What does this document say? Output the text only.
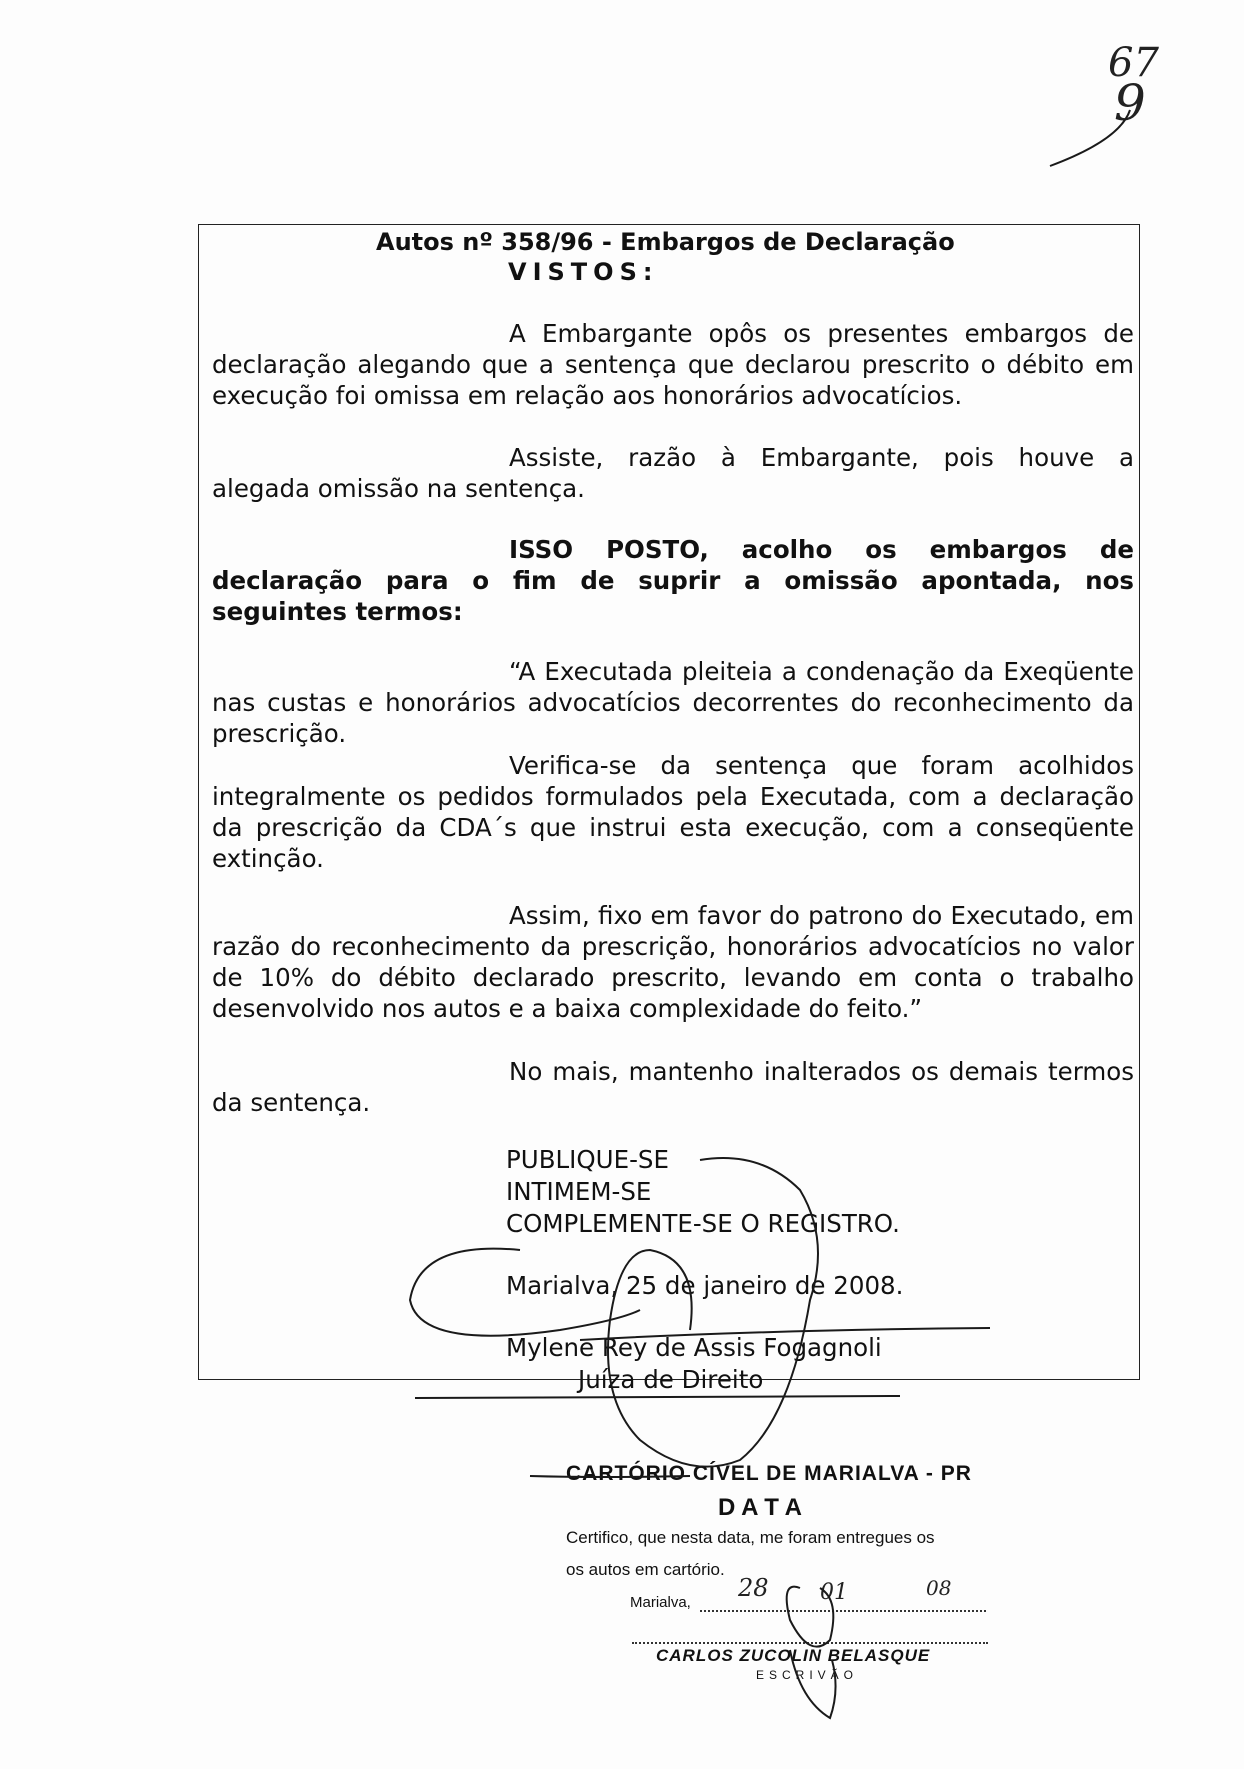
67
9
Autos nº 358/96 - Embargos de Declaração
VISTOS:

A Embargante opôs os presentes embargos de declaração alegando que a sentença que declarou prescrito o débito em execução foi omissa em relação aos honorários advocatícios.

Assiste, razão à Embargante, pois houve a alegada omissão na sentença.

ISSO POSTO, acolho os embargos de declaração para o fim de suprir a omissão apontada, nos seguintes termos:

“A Executada pleiteia a condenação da Exeqüente nas custas e honorários advocatícios decorrentes do reconhecimento da prescrição.

Verifica-se da sentença que foram acolhidos integralmente os pedidos formulados pela Executada, com a declaração da prescrição da CDA´s que instrui esta execução, com a conseqüente extinção.

Assim, fixo em favor do patrono do Executado, em razão do reconhecimento da prescrição, honorários advocatícios no valor de 10% do débito declarado prescrito, levando em conta o trabalho desenvolvido nos autos e a baixa complexidade do feito.”

No mais, mantenho inalterados os demais termos da sentença.

PUBLIQUE-SE
INTIMEM-SE
COMPLEMENTE-SE O REGISTRO.
Marialva, 25 de janeiro de 2008.
Mylene Rey de Assis Fogagnoli
Juíza de Direito
CARTÓRIO CÍVEL DE MARIALVA - PR
D A T A
Certifico, que nesta data, me foram entregues os
os autos em cartório.
Marialva,
28 01	08
CARLOS ZUCOLIN BELASQUE
ESCRIVÃO
